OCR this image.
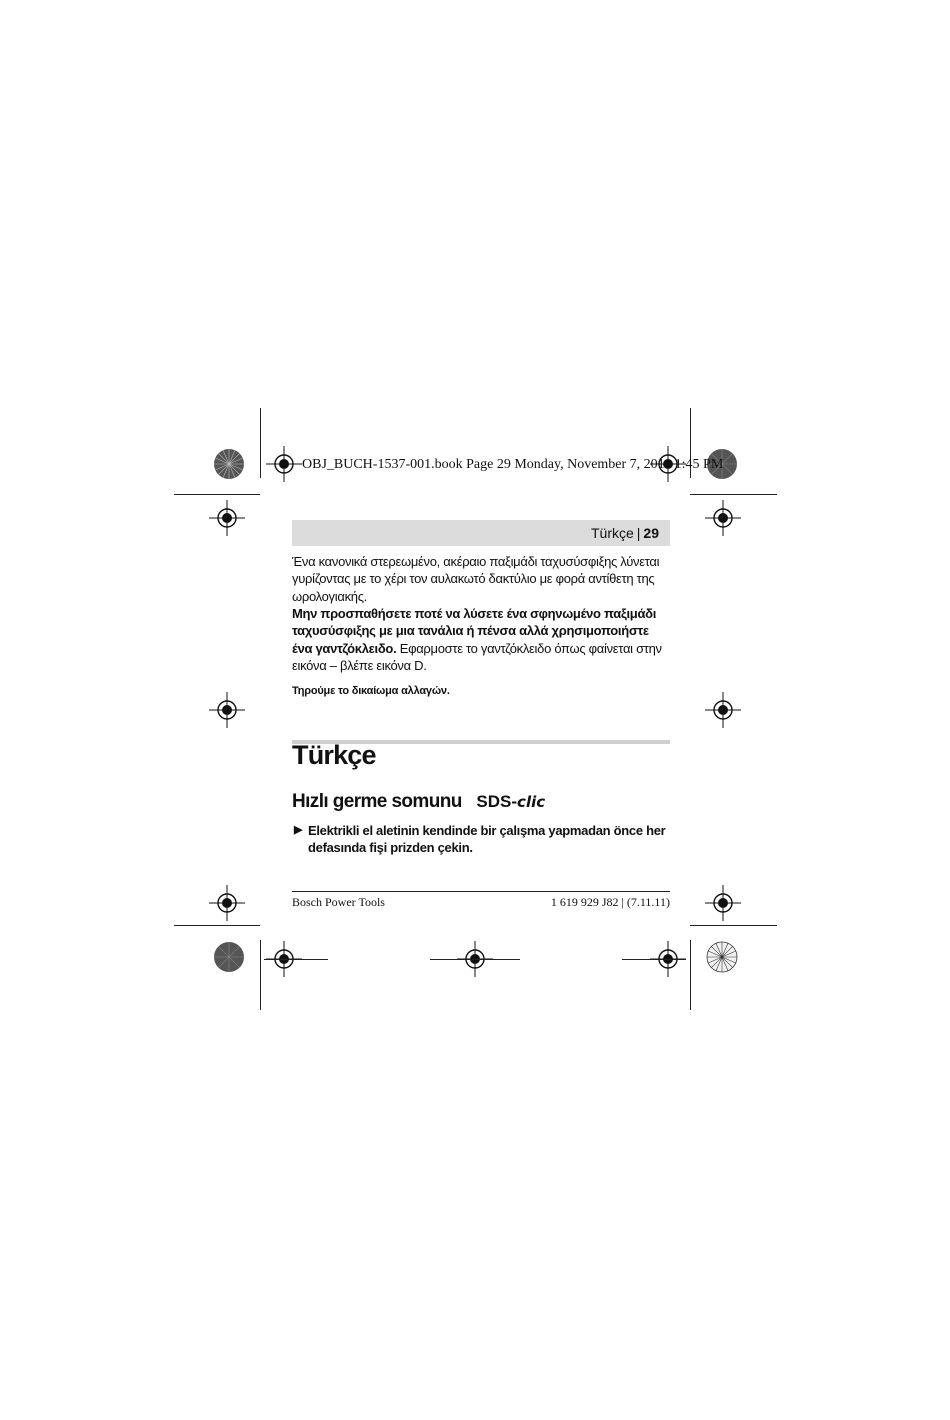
OBJ_BUCH-1537-001.book Page 29 Monday, November 7, 2011 1:45 PM
Türkçe | 29
Ένα κανονικά στερεωμένο, ακέραιο παξιμάδι ταχυσύσφιξης λύνεται γυρίζοντας με το χέρι τον αυλακωτό δακτύλιο με φορά αντίθετη της ωρολογιακής.
Μην προσπαθήσετε ποτέ να λύσετε ένα σφηνωμένο παξιμάδι ταχυσύσφιξης με μια τανάλια ή πένσα αλλά χρησιμοποιήστε ένα γαντζόκλειδο. Εφαρμοστε το γαντζόκλειδο όπως φαίνεται στην εικόνα – βλέπε εικόνα D.
Τηρούμε το δικαίωμα αλλαγών.
Türkçe
Hızlı germe somunu SDS-clic
▶ Elektrikli el aletinin kendinde bir çalışma yapmadan önce her defasında fişi prizden çekin.
Bosch Power Tools	1 619 929 J82 | (7.11.11)
